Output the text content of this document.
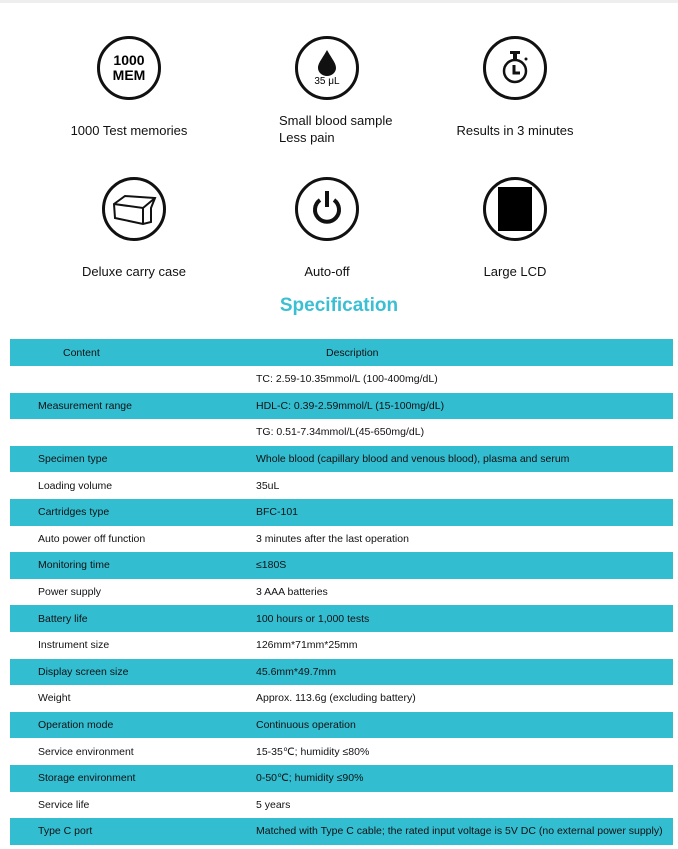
1000
MEM
1000 Test memories
35 μL
Small blood sample
Less pain	Results in 3 minutes
Deluxe carry case	Auto-off	Large LCD
Specification
Content	Description
	TC: 2.59-10.35mmol/L (100-400mg/dL)
Measurement range	HDL-C: 0.39-2.59mmol/L (15-100mg/dL)
	TG: 0.51-7.34mmol/L(45-650mg/dL)
Specimen type	Whole blood (capillary blood and venous blood), plasma and serum
Loading volume	35uL
Cartridges type	BFC-101
Auto power off function	3 minutes after the last operation
Monitoring time	≤180S
Power supply	3 AAA batteries
Battery life	100 hours or 1,000 tests
Instrument size	126mm*71mm*25mm
Display screen size	45.6mm*49.7mm
Weight	Approx. 113.6g (excluding battery)
Operation mode	Continuous operation
Service environment	15-35℃; humidity ≤80%
Storage environment	0-50℃; humidity ≤90%
Service life	5 years
Type C port	Matched with Type C cable; the rated input voltage is 5V DC (no external power supply)
